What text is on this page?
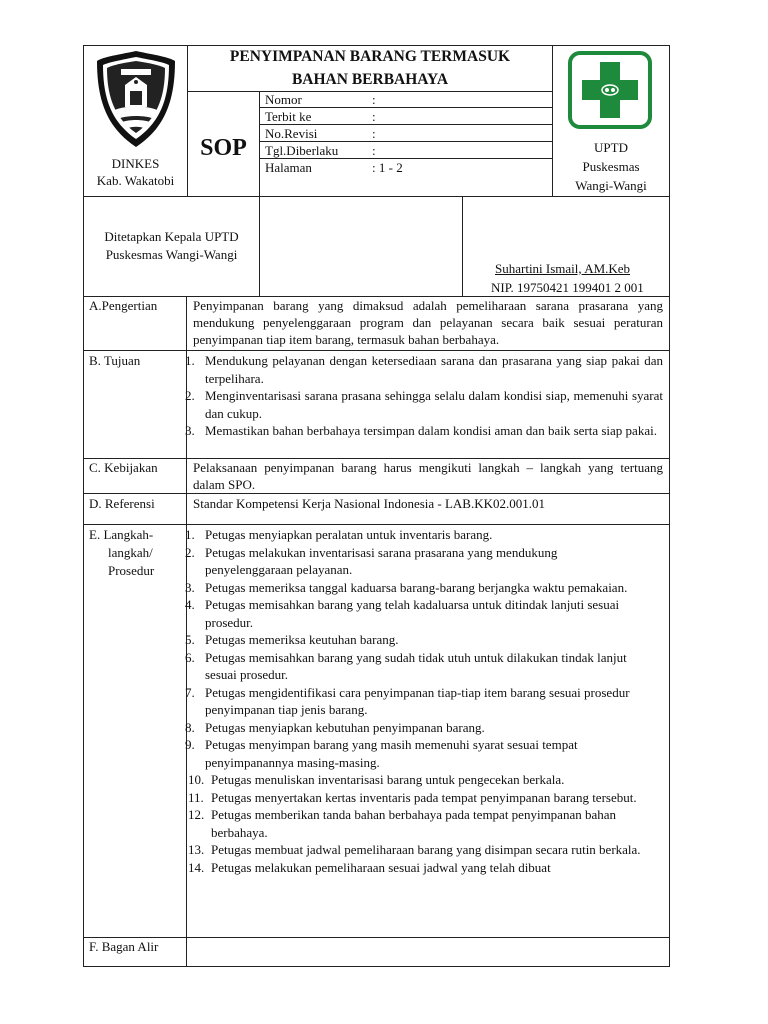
DINKES
Kab. Wakatobi
PENYIMPANAN BARANG TERMASUK
BAHAN BERBAHAYA
SOP
Nomor	:
Terbit ke	:
No.Revisi	:
Tgl.Diberlaku	:
Halaman	: 1 - 2
UPTD
Puskesmas
Wangi-Wangi
Ditetapkan Kepala UPTD
Puskesmas Wangi-Wangi
Suhartini Ismail, AM.Keb
NIP. 19750421 199401 2 001
A.Pengertian	Penyimpanan barang yang dimaksud adalah pemeliharaan sarana prasarana yang mendukung penyelenggaraan program dan pelayanan secara baik sesuai peraturan penyimpanan tiap item barang, termasuk bahan berbahaya.
B. Tujuan	1. Mendukung pelayanan dengan ketersediaan sarana dan prasarana yang siap pakai dan terpelihara.
2. Menginventarisasi sarana prasana sehingga selalu dalam kondisi siap, memenuhi syarat dan cukup.
3. Memastikan bahan berbahaya tersimpan dalam kondisi aman dan baik serta siap pakai.
C. Kebijakan	Pelaksanaan penyimpanan barang harus mengikuti langkah – langkah yang tertuang dalam SPO.
D. Referensi	Standar Kompetensi Kerja Nasional Indonesia - LAB.KK02.001.01
E. Langkah-
langkah/
Prosedur
1. Petugas menyiapkan peralatan untuk inventaris barang.
2. Petugas melakukan inventarisasi sarana prasarana yang mendukung penyelenggaraan pelayanan.
3. Petugas memeriksa tanggal kaduarsa barang-barang berjangka waktu pemakaian.
4. Petugas memisahkan barang yang telah kadaluarsa untuk ditindak lanjuti sesuai prosedur.
5. Petugas memeriksa keutuhan barang.
6. Petugas memisahkan barang yang sudah tidak utuh untuk dilakukan tindak lanjut sesuai prosedur.
7. Petugas mengidentifikasi cara penyimpanan tiap-tiap item barang sesuai prosedur penyimpanan tiap jenis barang.
8. Petugas menyiapkan kebutuhan penyimpanan barang.
9. Petugas menyimpan barang yang masih memenuhi syarat sesuai tempat penyimpanannya masing-masing.
10. Petugas menuliskan inventarisasi barang untuk pengecekan berkala.
11. Petugas menyertakan kertas inventaris pada tempat penyimpanan barang tersebut.
12. Petugas memberikan tanda bahan berbahaya pada tempat penyimpanan bahan berbahaya.
13. Petugas membuat jadwal pemeliharaan barang yang disimpan secara rutin berkala.
14. Petugas melakukan pemeliharaan sesuai jadwal yang telah dibuat
F. Bagan Alir
